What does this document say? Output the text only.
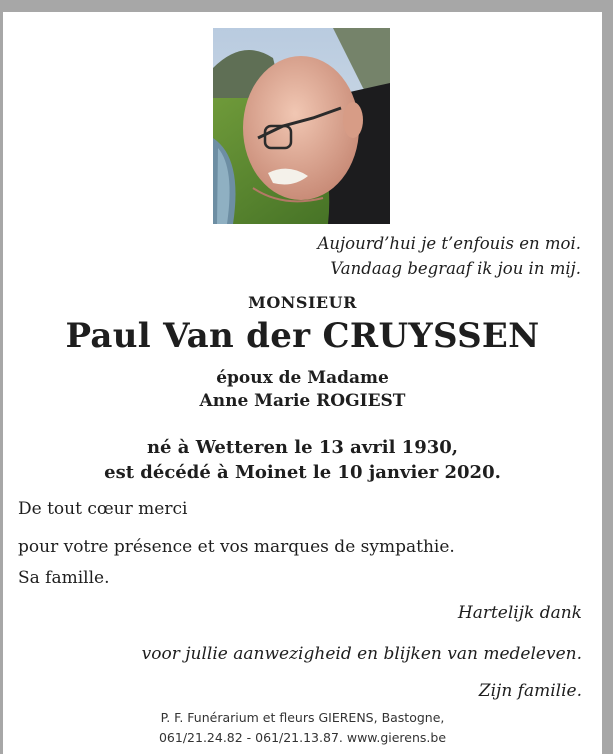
Aujourd’hui je t’enfouis en moi.
Vandaag begraaf ik jou in mij.
MONSIEUR
Paul Van der CRUYSSEN
époux de Madame
Anne Marie ROGIEST
né à Wetteren le 13 avril 1930,
est décédé à Moinet le 10 janvier 2020.
De tout cœur merci
pour votre présence et vos marques de sympathie.
Sa famille.
Hartelijk dank
voor jullie aanwezigheid en blijken van medeleven.
Zijn familie.
P. F. Funérarium et fleurs GIERENS, Bastogne,
061/21.24.82 - 061/21.13.87. www.gierens.be
